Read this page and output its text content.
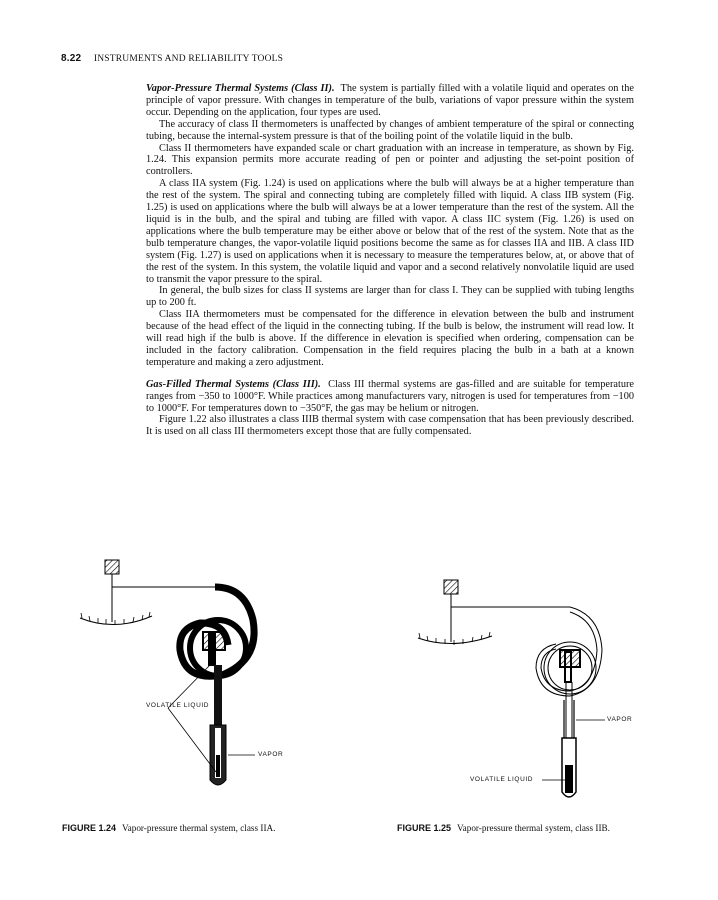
8.22 INSTRUMENTS AND RELIABILITY TOOLS

Vapor-Pressure Thermal Systems (Class II). The system is partially filled with a volatile liquid and operates on the principle of vapor pressure. With changes in temperature of the bulb, variations of vapor pressure within the system occur. Depending on the application, four types are used.

The accuracy of class II thermometers is unaffected by changes of ambient temperature of the spiral or connecting tubing, because the internal-system pressure is that of the boiling point of the volatile liquid in the bulb.

Class II thermometers have expanded scale or chart graduation with an increase in temperature, as shown by Fig. 1.24. This expansion permits more accurate reading of pen or pointer and adjusting the set-point position of controllers.

A class IIA system (Fig. 1.24) is used on applications where the bulb will always be at a higher temperature than the rest of the system. The spiral and connecting tubing are completely filled with liquid. A class IIB system (Fig. 1.25) is used on applications where the bulb will always be at a lower temperature than the rest of the system. All the liquid is in the bulb, and the spiral and tubing are filled with vapor. A class IIC system (Fig. 1.26) is used on applications where the bulb temperature may be either above or below that of the rest of the system. Note that as the bulb temperature changes, the vapor-volatile liquid positions become the same as for classes IIA and IIB. A class IID system (Fig. 1.27) is used on applications when it is necessary to measure the temperatures below, at, or above that of the rest of the system. In this system, the volatile liquid and vapor and a second relatively nonvolatile liquid are used to transmit the vapor pressure to the spiral.

In general, the bulb sizes for class II systems are larger than for class I. They can be supplied with tubing lengths up to 200 ft.

Class IIA thermometers must be compensated for the difference in elevation between the bulb and instrument because of the head effect of the liquid in the connecting tubing. If the bulb is below, the instrument will read low. It will read high if the bulb is above. If the difference in elevation is specified when ordering, compensation can be included in the factory calibration. Compensation in the field requires placing the bulb in a bath at a known temperature and making a zero adjustment.

Gas-Filled Thermal Systems (Class III). Class III thermal systems are gas-filled and are suitable for temperature ranges from −350 to 1000°F. While practices among manufacturers vary, nitrogen is used for temperatures from −100 to 1000°F. For temperatures down to −350°F, the gas may be helium or nitrogen.

Figure 1.22 also illustrates a class IIIB thermal system with case compensation that has been previously described. It is used on all class III thermometers except those that are fully compensated.

VOLATILE LIQUID
VAPOR
VAPOR
VOLATILE LIQUID
FIGURE 1.24 Vapor-pressure thermal system, class IIA.	FIGURE 1.25 Vapor-pressure thermal system, class IIB.
